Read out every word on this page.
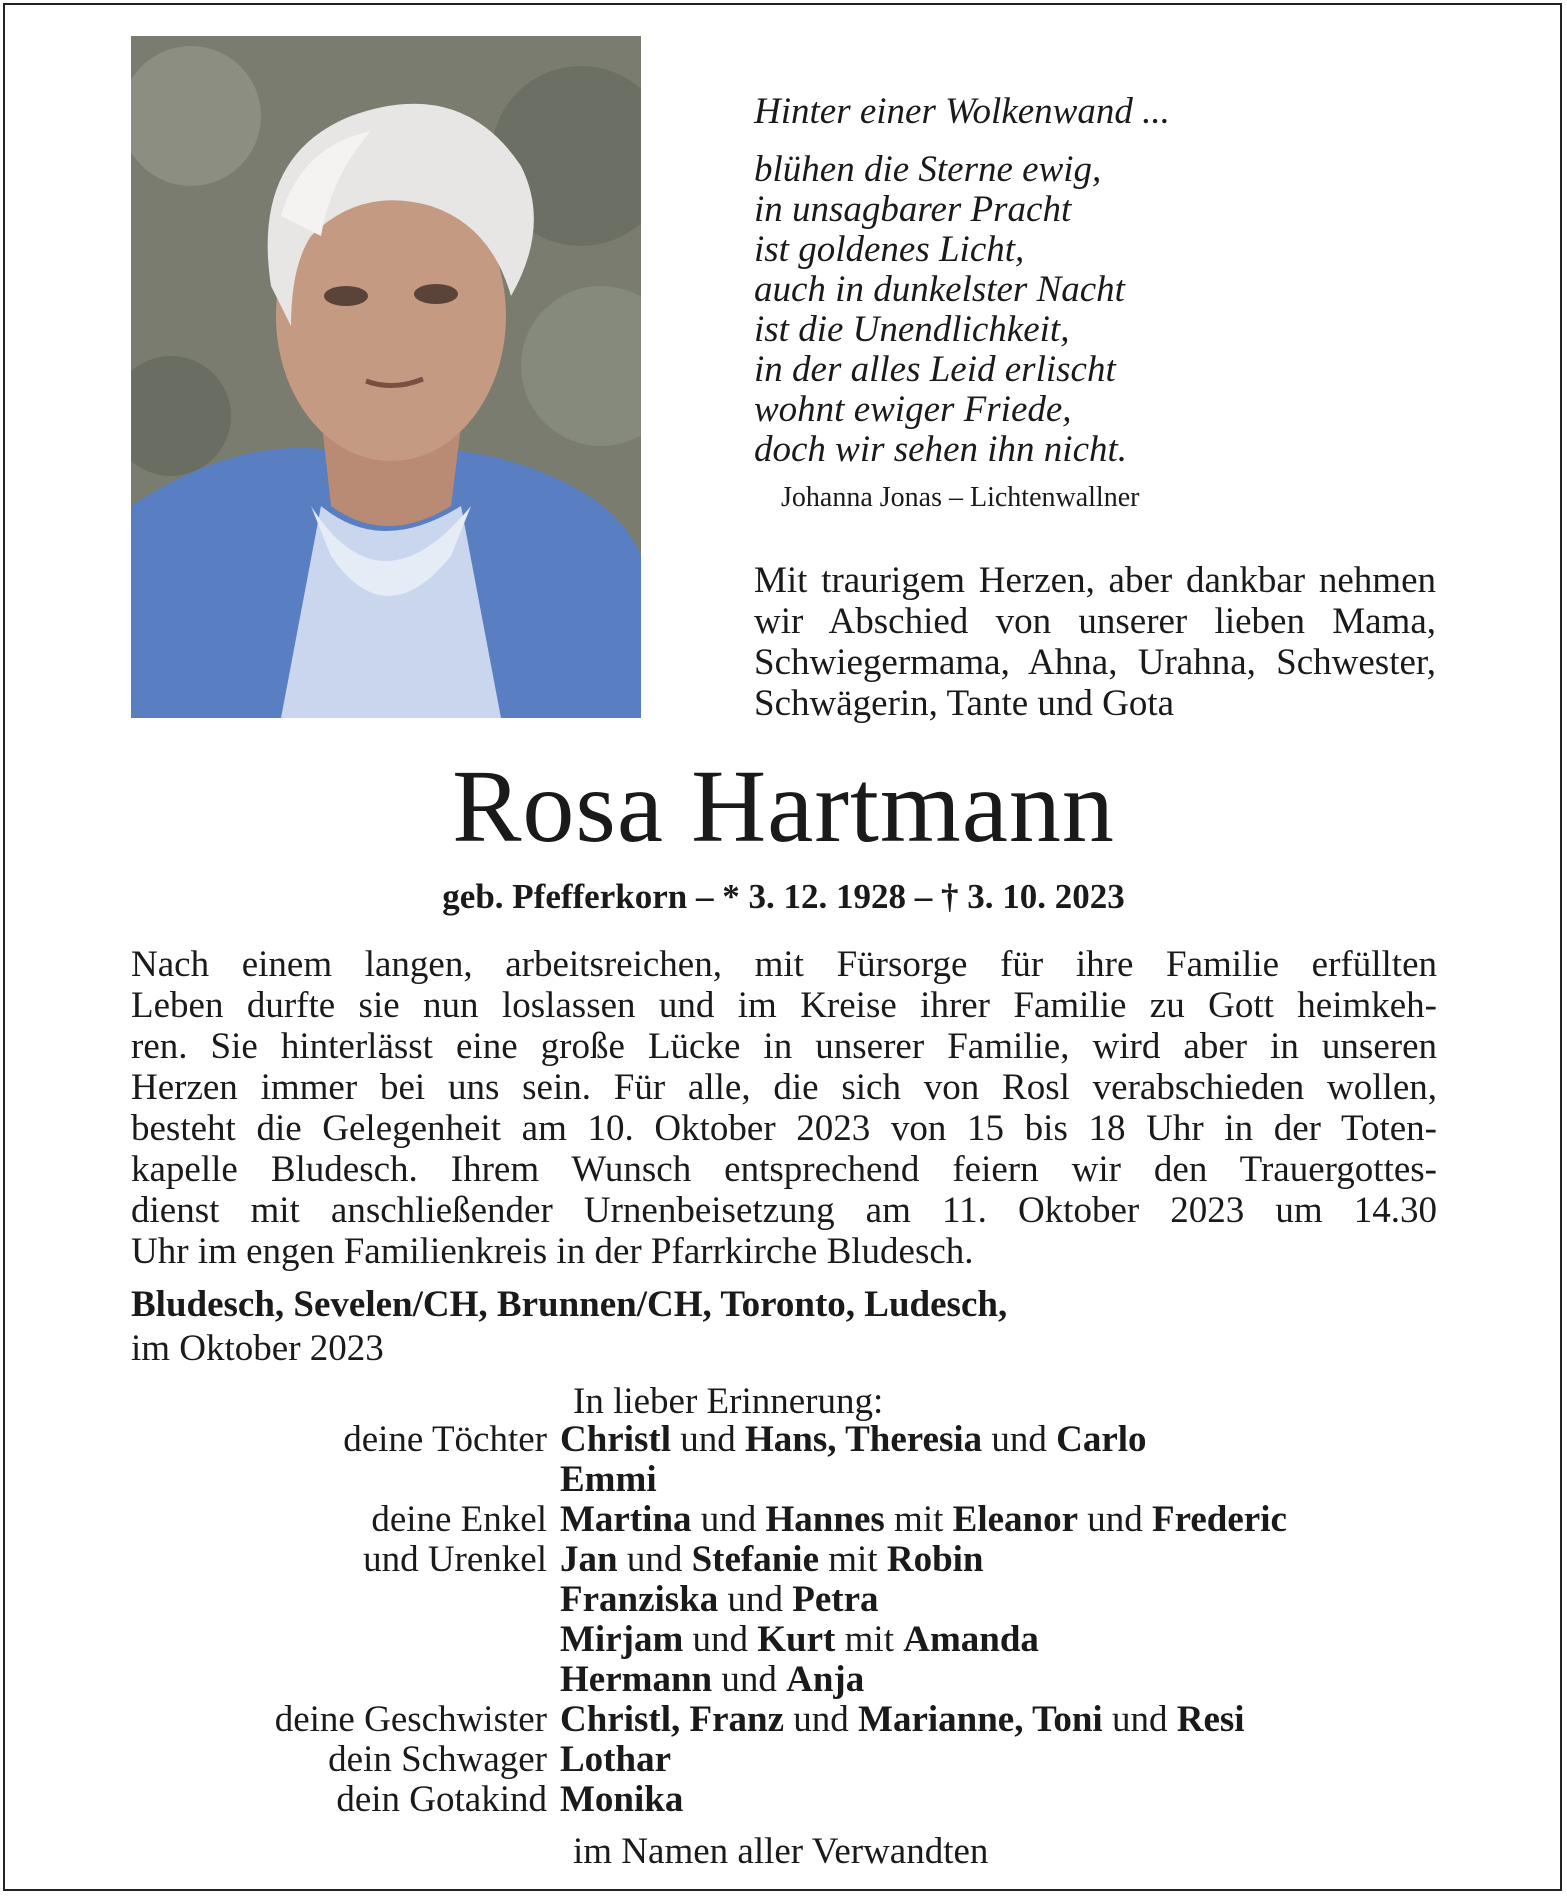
Hinter einer Wolkenwand ...
blühen die Sterne ewig,
in unsagbarer Pracht
ist goldenes Licht,
auch in dunkelster Nacht
ist die Unendlichkeit,
in der alles Leid erlischt
wohnt ewiger Friede,
doch wir sehen ihn nicht.
Johanna Jonas – Lichtenwallner
Mit traurigem Herzen, aber dankbar nehmen wir Abschied von unserer lieben Mama, Schwiegermama, Ahna, Urahna, Schwester, Schwägerin, Tante und Gota
Rosa Hartmann
geb. Pfefferkorn – * 3. 12. 1928 – † 3. 10. 2023
Nach einem langen, arbeitsreichen, mit Fürsorge für ihre Familie erfüllten
Leben durfte sie nun loslassen und im Kreise ihrer Familie zu Gott heimkeh-
ren. Sie hinterlässt eine große Lücke in unserer Familie, wird aber in unseren
Herzen immer bei uns sein. Für alle, die sich von Rosl verabschieden wollen,
besteht die Gelegenheit am 10. Oktober 2023 von 15 bis 18 Uhr in der Toten-
kapelle Bludesch. Ihrem Wunsch entsprechend feiern wir den Trauergottes-
dienst mit anschließender Urnenbeisetzung am 11. Oktober 2023 um 14.30
Uhr im engen Familienkreis in der Pfarrkirche Bludesch.
Bludesch, Sevelen/CH, Brunnen/CH, Toronto, Ludesch,
im Oktober 2023
In lieber Erinnerung:
deine Töchter Christl und Hans, Theresia und Carlo
Emmi
deine Enkel Martina und Hannes mit Eleanor und Frederic
und Urenkel Jan und Stefanie mit Robin
Franziska und Petra
Mirjam und Kurt mit Amanda
Hermann und Anja
deine Geschwister Christl, Franz und Marianne, Toni und Resi
dein Schwager Lothar
dein Gotakind Monika
im Namen aller Verwandten
